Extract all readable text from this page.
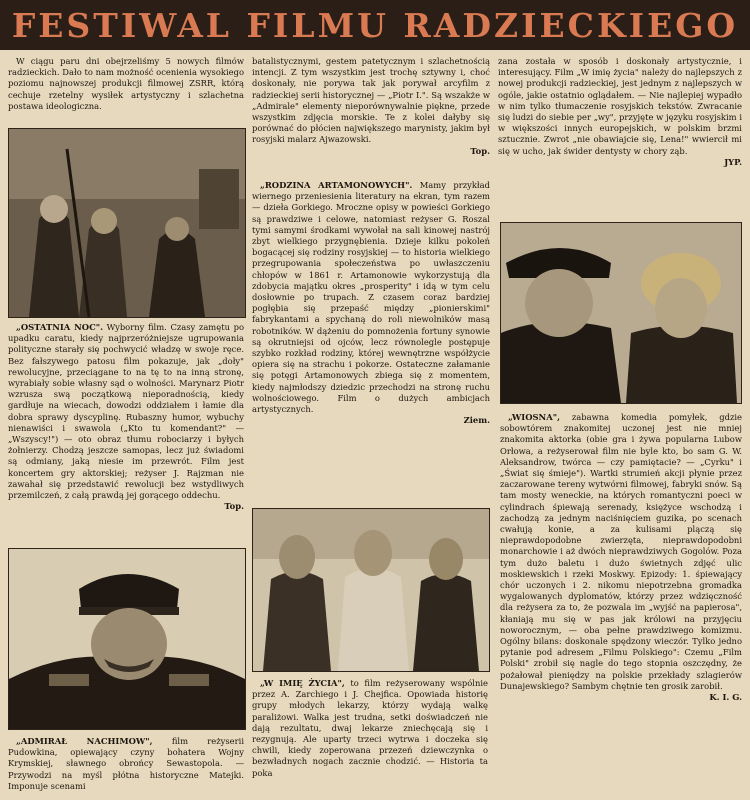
FESTIWAL FILMU RADZIECKIEGO

W ciągu paru dni obejrzeliśmy 5 nowych filmów radzieckich. Dało to nam możność ocenienia wysokiego poziomu najnowszej produkcji filmowej ZSRR, którą cechuje rzetelny wysiłek artystyczny i szlachetna postawa ideologiczna.

„OSTATNIA NOC". Wyborny film. Czasy zamętu po upadku caratu, kiedy najprzeróżniejsze ugrupowania polityczne starały się pochwycić władzę w swoje ręce. Bez fałszywego patosu film pokazuje, jak „doły" rewolucyjne, przeciągane to na tę to na inną stronę, wyrabiały sobie własny sąd o wolności. Marynarz Piotr wzrusza swą początkową nieporadnością, kiedy gardłuje na wiecach, dowodzi oddziałem i łamie dla dobra sprawy dyscyplinę. Rubaszny humor, wybuchy nienawiści i swawola („Kto tu komendant?" — „Wszyscy!") — oto obraz tłumu robociarzy i byłych żołnierzy. Chodzą jeszcze samopas, lecz już świadomi są odmiany, jaką niesie im przewrót. Film jest koncertem gry aktorskiej; reżyser J. Rajzman nie zawahał się przedstawić rewolucji bez wstydliwych przemilczeń, z całą prawdą jej gorącego oddechu.
Top.

„ADMIRAŁ NACHIMOW", film reżyserii Pudowkina, opiewający czyny bohatera Wojny Krymskiej, sławnego obrońcy Sewastopola. — Przywodzi na myśl płótna historyczne Matejki. Imponuje scenami

batalistycznymi, gestem patetycznym i szlachetnością intencji. Z tym wszystkim jest trochę sztywny i, choć doskonały, nie porywa tak jak porywał arcyfilm z radzieckiej serii historycznej — „Piotr I.". Są wszakże w „Admirale" elementy nieporównywalnie piękne, przede wszystkim zdjęcia morskie. Te z kolei dałyby się porównać do płócien największego marynisty, jakim był rosyjski malarz Ajwazowski.
Top.

„RODZINA ARTAMONOWYCH". Mamy przykład wiernego przeniesienia literatury na ekran, tym razem — dzieła Gorkiego. Mroczne opisy w powieści Gorkiego są prawdziwe i celowe, natomiast reżyser G. Roszal tymi samymi środkami wywołał na sali kinowej nastrój zbyt wielkiego przygnębienia. Dzieje kilku pokoleń bogacącej się rodziny rosyjskiej — to historia wielkiego przegrupowania społeczeństwa po uwłaszczeniu chłopów w 1861 r. Artamonowie wykorzystują dla zdobycia majątku okres „prosperity" i idą w tym celu dosłownie po trupach. Z czasem coraz bardziej pogłębia się przepaść między „pionierskimi" fabrykantami a spychaną do roli niewolników masą robotników. W dążeniu do pomnożenia fortuny synowie są okrutniejsi od ojców, lecz równolegle postępuje szybko rozkład rodziny, której wewnętrzne współżycie opiera się na strachu i pokorze. Ostateczne załamanie się potęgi Artamonowych zbiega się z momentem, kiedy najmłodszy dziedzic przechodzi na stronę ruchu wolnościowego. Film o dużych ambicjach artystycznych.
Ziem.

„W IMIĘ ŻYCIA", to film reżyserowany wspólnie przez A. Zarchiego i J. Chejfica. Opowiada historię grupy młodych lekarzy, którzy wydają walkę paraliżowi. Walka jest trudna, setki doświadczeń nie dają rezultatu, dwaj lekarze zniechęcają się i rezygnują. Ale uparty trzeci wytrwa i doczeka się chwili, kiedy zoperowana przezeń dziewczynka o bezwładnych nogach zacznie chodzić. — Historia ta poka

zana została w sposób i doskonały artystycznie, i interesujący. Film „W imię życia" należy do najlepszych z nowej produkcji radzieckiej, jest jednym z najlepszych w ogóle, jakie ostatnio oglądałem. — Nie najlepiej wypadło w nim tylko tłumaczenie rosyjskich tekstów. Zwracanie się ludzi do siebie per „wy", przyjęte w języku rosyjskim i w większości innych europejskich, w polskim brzmi sztucznie. Zwrot „nie obawiajcie się, Lena!" wwiercił mi się w ucho, jak świder dentysty w chory ząb.
JYP.

„WIOSNA", zabawna komedia pomyłek, gdzie sobowtórem znakomitej uczonej jest nie mniej znakomita aktorka (obie gra i żywa popularna Lubow Orłowa, a reżyserował film nie byle kto, bo sam G. W. Aleksandrow, twórca — czy pamiętacie? — „Cyrku" i „Świat się śmieje"). Wartki strumień akcji płynie przez zaczarowane tereny wytwórni filmowej, fabryki snów. Są tam mosty weneckie, na których romantyczni poeci w cylindrach śpiewają serenady, księżyce wschodzą i zachodzą za jednym naciśnięciem guzika, po scenach cwałują konie, a za kulisami plączą się nieprawdopodobne zwierzęta, nieprawdopodobni monarchowie i aż dwóch nieprawdziwych Gogolów. Poza tym dużo baletu i dużo świetnych zdjęć ulic moskiewskich i rzeki Moskwy. Epizody: 1. śpiewający chór uczonych i 2. nikomu niepotrzebna gromadka wygalowanych dyplomatów, którzy przez wdzięczność dla reżysera za to, że pozwala im „wyjść na papierosa", kłaniają mu się w pas jak królowi na przyjęciu noworocznym, — oba pełne prawdziwego komizmu. Ogólny bilans: doskonale spędzony wieczór. Tylko jedno pytanie pod adresem „Filmu Polskiego": Czemu „Film Polski" zrobił się nagle do tego stopnia oszczędny, że pożałował pieniędzy na polskie przekłady szlagierów Dunajewskiego? Sambym chętnie ten grosik zarobił.
K. I. G.
